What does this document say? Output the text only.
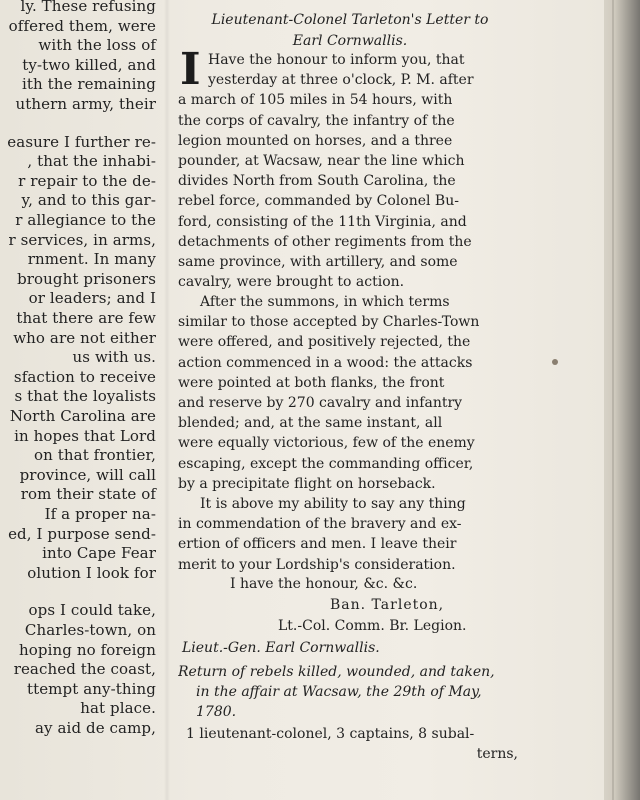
ly. These refusing
offered them, were
with the loss of
ty-two killed, and
ith the remaining
uthern army, their
easure I further re-
, that the inhabi-
r repair to the de-
y, and to this gar-
r allegiance to the
r services, in arms,
rnment. In many
brought prisoners
or leaders; and I
that there are few
who are not either
us with us.
sfaction to receive
s that the loyalists
North Carolina are
in hopes that Lord
on that frontier,
province, will call
rom their state of
If a proper na-
ed, I purpose send-
into Cape Fear
olution I look for
ops I could take,
Charles-town, on
hoping no foreign
reached the coast,
ttempt any-thing
hat place.
ay aid de camp,
Lieutenant-Colonel Tarleton's Letter to
Earl Cornwallis.
I Have the honour to inform you, that
yesterday at three o'clock, P. M. after
a march of 105 miles in 54 hours, with
the corps of cavalry, the infantry of the
legion mounted on horses, and a three
pounder, at Wacsaw, near the line which
divides North from South Carolina, the
rebel force, commanded by Colonel Bu-
ford, consisting of the 11th Virginia, and
detachments of other regiments from the
same province, with artillery, and some
cavalry, were brought to action.
After the summons, in which terms
similar to those accepted by Charles-Town
were offered, and positively rejected, the
action commenced in a wood: the attacks
were pointed at both flanks, the front
and reserve by 270 cavalry and infantry
blended; and, at the same instant, all
were equally victorious, few of the enemy
escaping, except the commanding officer,
by a precipitate flight on horseback.
It is above my ability to say any thing
in commendation of the bravery and ex-
ertion of officers and men. I leave their
merit to your Lordship's consideration.
I have the honour, &c. &c.
Ban. Tarleton,
Lt.-Col. Comm. Br. Legion.
Lieut.-Gen. Earl Cornwallis.
Return of rebels killed, wounded, and taken,
in the affair at Wacsaw, the 29th of May,
1780.
1 lieutenant-colonel, 3 captains, 8 subal-
terns,
